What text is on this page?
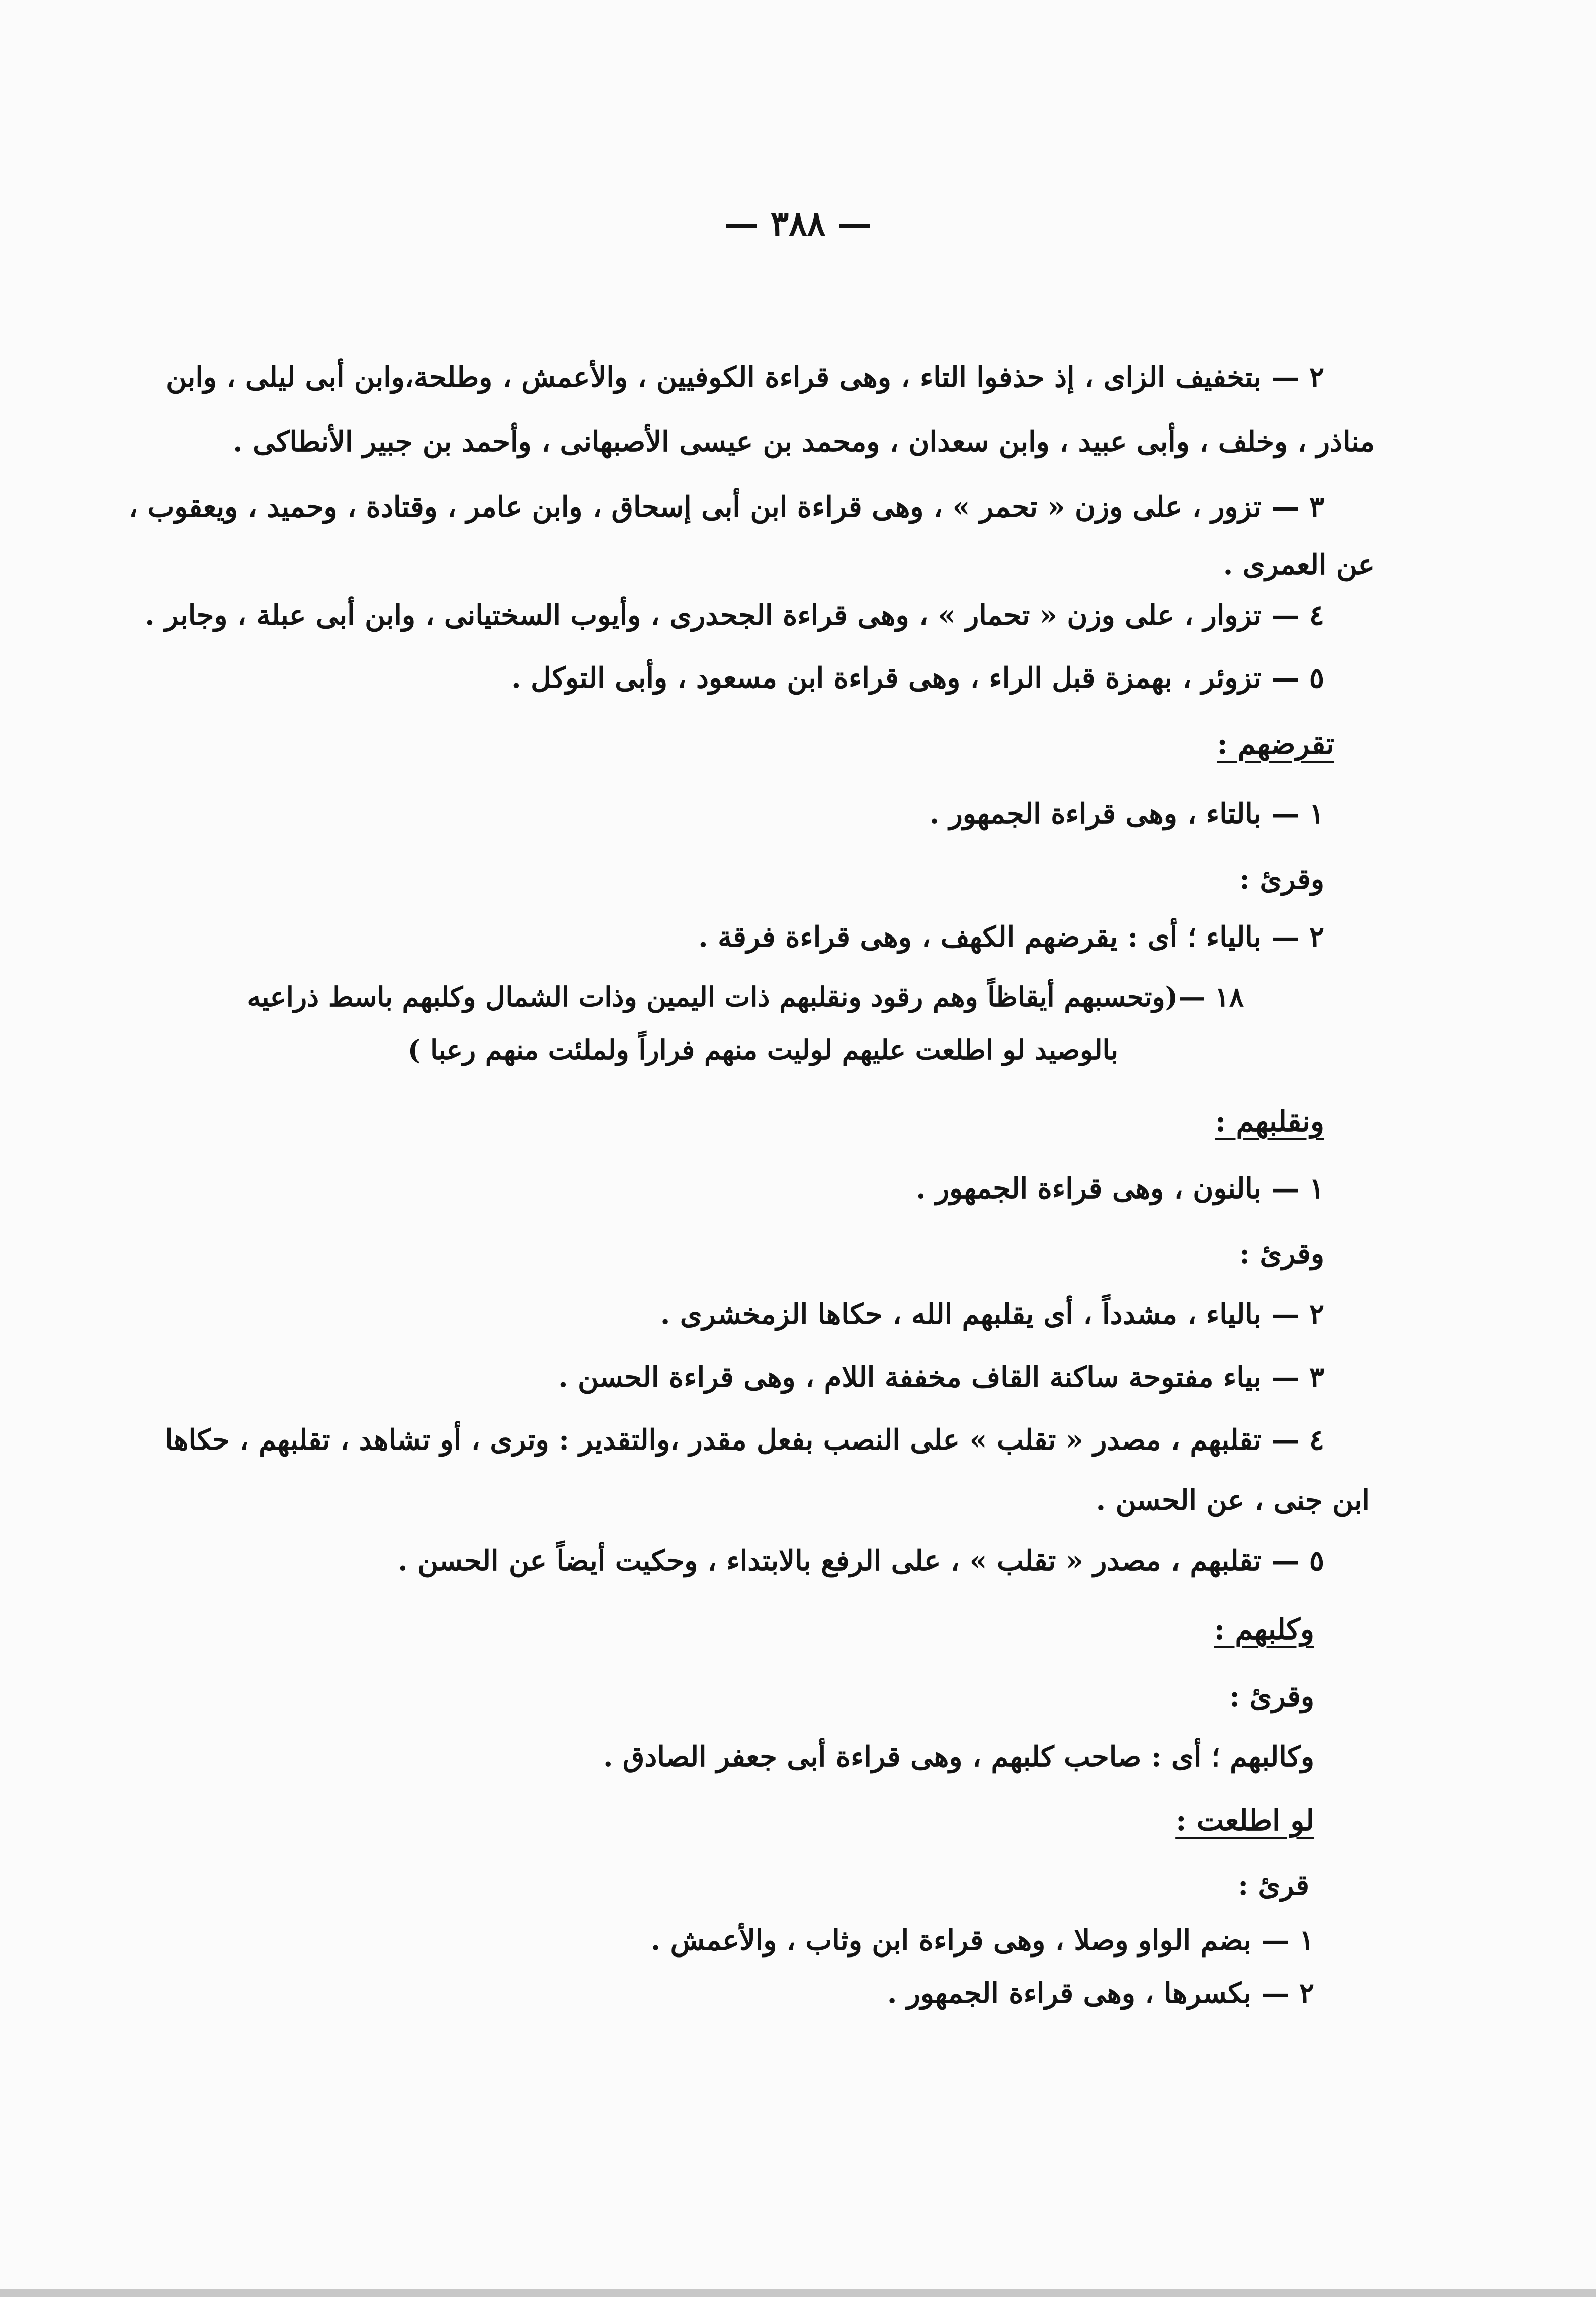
— ٣٨٨ —
٢ — بتخفيف الزاى ، إذ حذفوا التاء ، وهى قراءة الكوفيين ، والأعمش ، وطلحة،وابن أبى ليلى ، وابن
مناذر ، وخلف ، وأبى عبيد ، وابن سعدان ، ومحمد بن عيسى الأصبهانى ، وأحمد بن جبير الأنطاكى .
٣ — تزور ، على وزن « تحمر » ، وهى قراءة ابن أبى إسحاق ، وابن عامر ، وقتادة ، وحميد ، ويعقوب ،
عن العمرى .
٤ — تزوار ، على وزن « تحمار » ، وهى قراءة الجحدرى ، وأيوب السختيانى ، وابن أبى عبلة ، وجابر .
٥ — تزوئر ، بهمزة قبل الراء ، وهى قراءة ابن مسعود ، وأبى التوكل .
تقرضهم :
١ — بالتاء ، وهى قراءة الجمهور .
وقرئ :
٢ — بالياء ؛ أى : يقرضهم الكهف ، وهى قراءة فرقة .
١٨ —(وتحسبهم أيقاظاً وهم رقود ونقلبهم ذات اليمين وذات الشمال وكلبهم باسط ذراعيه
بالوصيد لو اطلعت عليهم لوليت منهم فراراً ولملئت منهم رعبا )
ونقلبهم :
١ — بالنون ، وهى قراءة الجمهور .
وقرئ :
٢ — بالياء ، مشدداً ، أى يقلبهم الله ، حكاها الزمخشرى .
٣ — بياء مفتوحة ساكنة القاف مخففة اللام ، وهى قراءة الحسن .
٤ — تقلبهم ، مصدر « تقلب » على النصب بفعل مقدر ،والتقدير : وترى ، أو تشاهد ، تقلبهم ، حكاها
ابن جنى ، عن الحسن .
٥ — تقلبهم ، مصدر « تقلب » ، على الرفع بالابتداء ، وحكيت أيضاً عن الحسن .
وكلبهم :
وقرئ :
وكالبهم ؛ أى : صاحب كلبهم ، وهى قراءة أبى جعفر الصادق .
لو اطلعت :
قرئ :
١ — بضم الواو وصلا ، وهى قراءة ابن وثاب ، والأعمش .
٢ — بكسرها ، وهى قراءة الجمهور .
